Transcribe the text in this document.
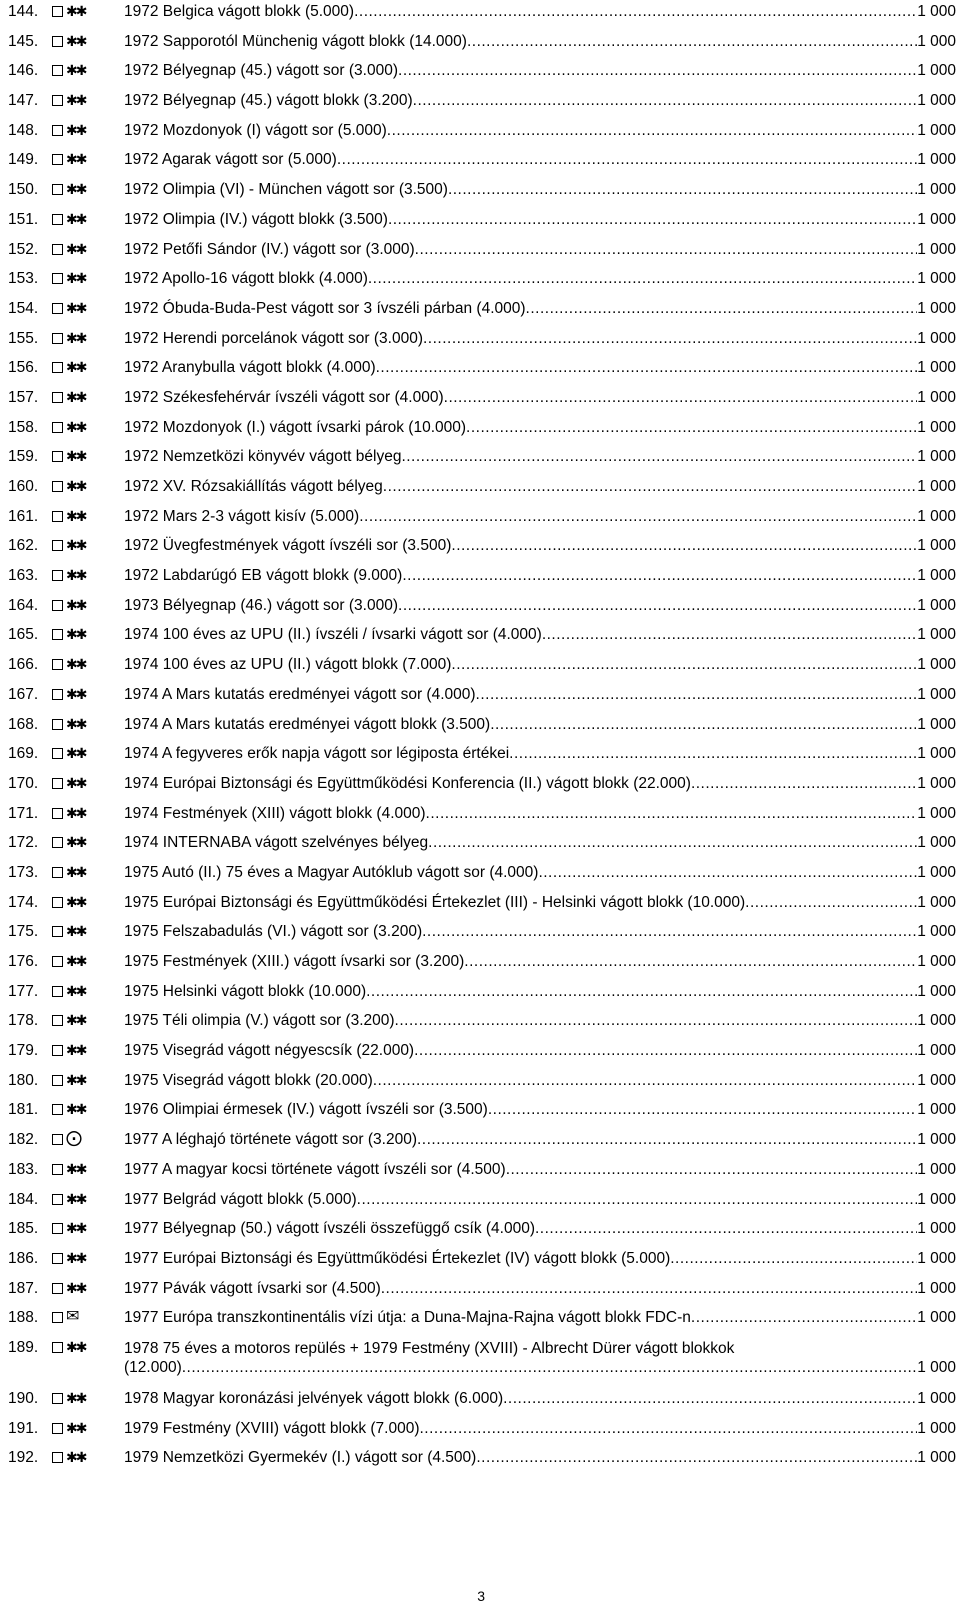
144.	✱✱ 1972 Belgica vágott blokk (5.000) .....	1 000
145.	✱✱ 1972 Sapporotól Münchenig vágott blokk (14.000) .....	1 000
146.	✱✱ 1972 Bélyegnap (45.) vágott sor (3.000) .....	1 000
147.	✱✱ 1972 Bélyegnap (45.) vágott blokk (3.200) .....	1 000
148.	✱✱ 1972 Mozdonyok (I) vágott sor (5.000) .....	1 000
149.	✱✱ 1972 Agarak vágott sor (5.000) .....	1 000
150.	✱✱ 1972 Olimpia (VI) - München vágott sor (3.500) .....	1 000
151.	✱✱ 1972 Olimpia (IV.) vágott blokk (3.500) .....	1 000
152.	✱✱ 1972 Petőfi Sándor (IV.) vágott sor (3.000) .....	1 000
153.	✱✱ 1972 Apollo-16 vágott blokk (4.000) .....	1 000
154.	✱✱ 1972 Óbuda-Buda-Pest vágott sor 3 ívszéli párban (4.000) .....	1 000
155.	✱✱ 1972 Herendi porcelánok vágott sor (3.000) .....	1 000
156.	✱✱ 1972 Aranybulla vágott blokk (4.000) .....	1 000
157.	✱✱ 1972 Székesfehérvár ívszéli vágott sor (4.000) .....	1 000
158.	✱✱ 1972 Mozdonyok (I.) vágott ívsarki párok (10.000) .....	1 000
159.	✱✱ 1972 Nemzetközi könyvév vágott bélyeg .....	1 000
160.	✱✱ 1972 XV. Rózsakiállítás vágott bélyeg .....	1 000
161.	✱✱ 1972 Mars 2-3 vágott kisív (5.000) .....	1 000
162.	✱✱ 1972 Üvegfestmények vágott ívszéli sor (3.500) .....	1 000
163.	✱✱ 1972 Labdarúgó EB vágott blokk (9.000) .....	1 000
164.	✱✱ 1973 Bélyegnap (46.) vágott sor (3.000) .....	1 000
165.	✱✱ 1974 100 éves az UPU (II.) ívszéli / ívsarki vágott sor (4.000) .....	1 000
166.	✱✱ 1974 100 éves az UPU (II.) vágott blokk (7.000) .....	1 000
167.	✱✱ 1974 A Mars kutatás eredményei vágott sor (4.000) .....	1 000
168.	✱✱ 1974 A Mars kutatás eredményei vágott blokk (3.500) .....	1 000
169.	✱✱ 1974 A fegyveres erők napja vágott sor légiposta értékei .....	1 000
170.	✱✱ 1974 Európai Biztonsági és Együttműködési Konferencia (II.) vágott blokk (22.000) .....	1 000
171.	✱✱ 1974 Festmények (XIII) vágott blokk (4.000) .....	1 000
172.	✱✱ 1974 INTERNABA vágott szelvényes bélyeg .....	1 000
173.	✱✱ 1975 Autó (II.) 75 éves a Magyar Autóklub vágott sor (4.000) .....	1 000
174.	✱✱ 1975 Európai Biztonsági és Együttműködési Értekezlet (III) - Helsinki vágott blokk (10.000) .....	1 000
175.	✱✱ 1975 Felszabadulás (VI.) vágott sor (3.200) .....	1 000
176.	✱✱ 1975 Festmények (XIII.) vágott ívsarki sor (3.200) .....	1 000
177.	✱✱ 1975 Helsinki vágott blokk (10.000) .....	1 000
178.	✱✱ 1975 Téli olimpia (V.) vágott sor (3.200) .....	1 000
179.	✱✱ 1975 Visegrád vágott négyescsík (22.000) .....	1 000
180.	✱✱ 1975 Visegrád vágott blokk (20.000) .....	1 000
181.	✱✱ 1976 Olimpiai érmesek (IV.) vágott ívszéli sor (3.500) .....	1 000
182.	⨀	1977 A léghajó története vágott sor (3.200) .....	1 000
183.	✱✱ 1977 A magyar kocsi története vágott ívszéli sor (4.500) .....	1 000
184.	✱✱ 1977 Belgrád vágott blokk (5.000) .....	1 000
185.	✱✱ 1977 Bélyegnap (50.) vágott ívszéli összefüggő csík (4.000) .....	1 000
186.	✱✱ 1977 Európai Biztonsági és Együttműködési Értekezlet (IV) vágott blokk (5.000) .....	1 000
187.	✱✱ 1977 Pávák vágott ívsarki sor (4.500) .....	1 000
188.	✉	1977 Európa transzkontinentális vízi útja: a Duna-Majna-Rajna vágott blokk FDC-n .....	1 000
189.	✱✱ 1978 75 éves a motoros repülés + 1979 Festmény (XVIII) - Albrecht Dürer vágott blokkok
(12.000) .....	1 000
190.	✱✱ 1978 Magyar koronázási jelvények vágott blokk (6.000) .....	1 000
191.	✱✱ 1979 Festmény (XVIII) vágott blokk (7.000) .....	1 000
192.	✱✱ 1979 Nemzetközi Gyermekév (I.) vágott sor (4.500) .....	1 000
3
